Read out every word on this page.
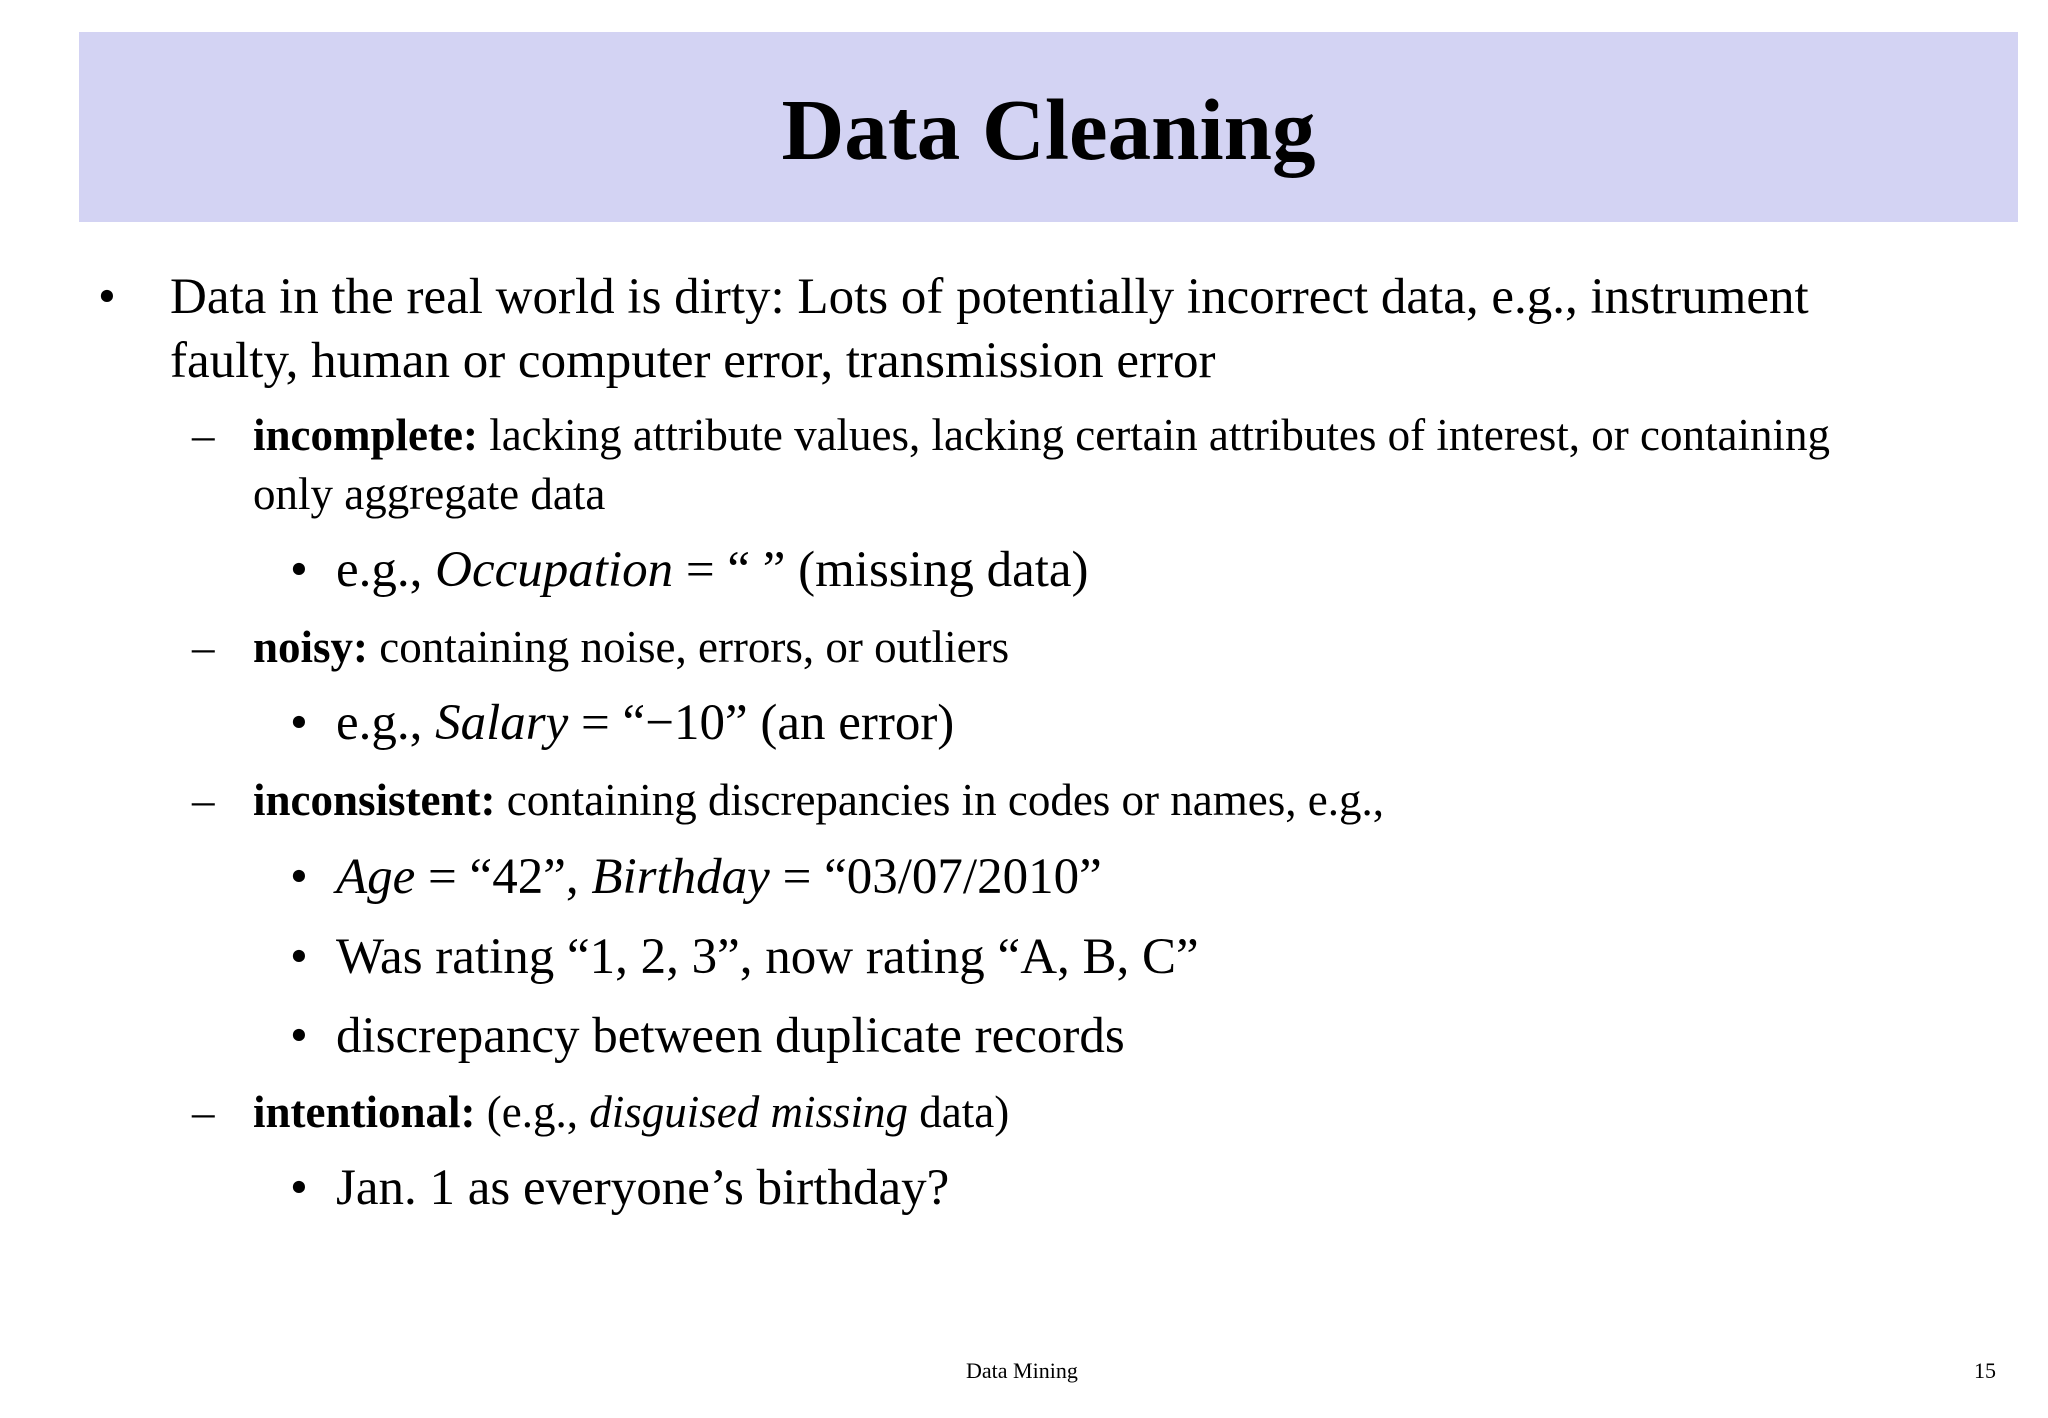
Data Cleaning
• Data in the real world is dirty: Lots of potentially incorrect data, e.g., instrument
faulty, human or computer error, transmission error
– incomplete: lacking attribute values, lacking certain attributes of interest, or containing
only aggregate data
• e.g., Occupation = “ ” (missing data)
– noisy: containing noise, errors, or outliers
• e.g., Salary = “−10” (an error)
– inconsistent: containing discrepancies in codes or names, e.g.,
• Age = “42”, Birthday = “03/07/2010”
• Was rating “1, 2, 3”, now rating “A, B, C”
• discrepancy between duplicate records
– intentional: (e.g., disguised missing data)
• Jan. 1 as everyone’s birthday?
Data Mining	15
